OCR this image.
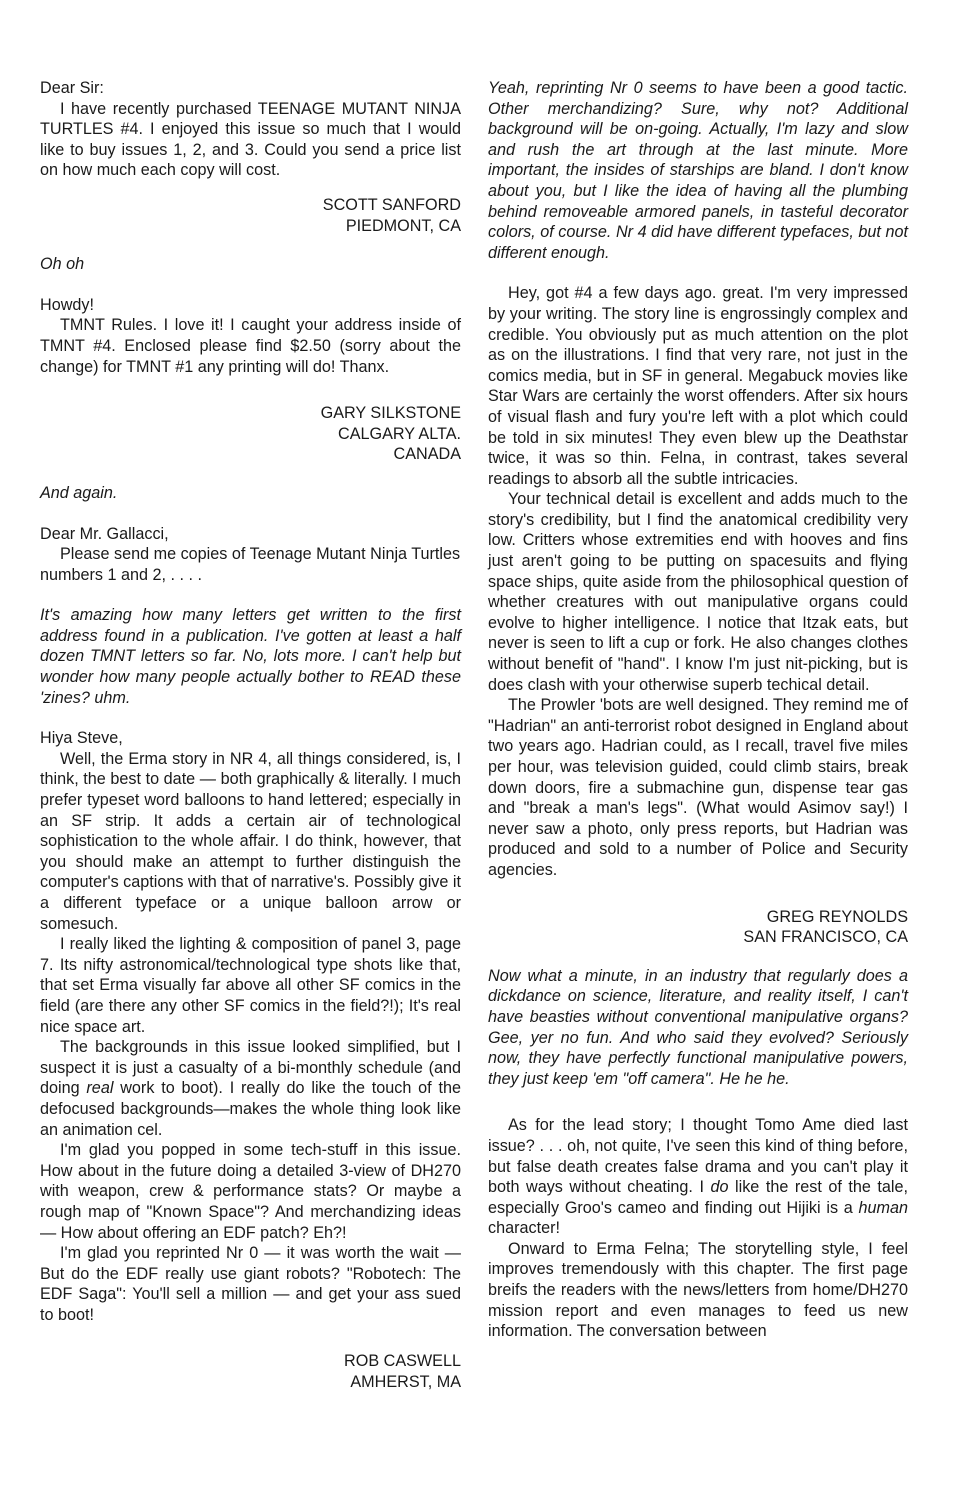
Dear Sir:

I have recently purchased TEENAGE MUTANT NINJA TURTLES #4. I enjoyed this issue so much that I would like to buy issues 1, 2, and 3. Could you send a price list on how much each copy will cost.

SCOTT SANFORD
PIEDMONT, CA

Oh oh

Howdy!

TMNT Rules. I love it! I caught your address inside of TMNT #4. Enclosed please find $2.50 (sorry about the change) for TMNT #1 any printing will do! Thanx.

GARY SILKSTONE
CALGARY ALTA.
CANADA

And again.

Dear Mr. Gallacci,

Please send me copies of Teenage Mutant Ninja Turtles numbers 1 and 2, . . . .

It's amazing how many letters get written to the first address found in a publication. I've gotten at least a half dozen TMNT letters so far. No, lots more. I can't help but wonder how many people actually bother to READ these 'zines? uhm.

Hiya Steve,

Well, the Erma story in NR 4, all things considered, is, I think, the best to date — both graphically & literally. I much prefer typeset word balloons to hand lettered; especially in an SF strip. It adds a certain air of technological sophistication to the whole affair. I do think, however, that you should make an attempt to further distinguish the computer's captions with that of narrative's. Possibly give it a different typeface or a unique balloon arrow or somesuch.

I really liked the lighting & composition of panel 3, page 7. Its nifty astronomical/technological type shots like that, that set Erma visually far above all other SF comics in the field (are there any other SF comics in the field?!); It's real nice space art.

The backgrounds in this issue looked simplified, but I suspect it is just a casualty of a bi-monthly schedule (and doing real work to boot). I really do like the touch of the defocused backgrounds—makes the whole thing look like an animation cel.

I'm glad you popped in some tech-stuff in this issue. How about in the future doing a detailed 3-view of DH270 with weapon, crew & performance stats? Or maybe a rough map of "Known Space"? And merchandizing ideas — How about offering an EDF patch? Eh?!

I'm glad you reprinted Nr 0 — it was worth the wait — But do the EDF really use giant robots? "Robotech: The EDF Saga": You'll sell a million — and get your ass sued to boot!

ROB CASWELL
AMHERST, MA

Yeah, reprinting Nr 0 seems to have been a good tactic. Other merchandizing? Sure, why not? Additional background will be on-going. Actually, I'm lazy and slow and rush the art through at the last minute. More important, the insides of starships are bland. I don't know about you, but I like the idea of having all the plumbing behind removeable armored panels, in tasteful decorator colors, of course. Nr 4 did have different typefaces, but not different enough.

Hey, got #4 a few days ago. great. I'm very impressed by your writing. The story line is engrossingly complex and credible. You obviously put as much attention on the plot as on the illustrations. I find that very rare, not just in the comics media, but in SF in general. Megabuck movies like Star Wars are certainly the worst offenders. After six hours of visual flash and fury you're left with a plot which could be told in six minutes! They even blew up the Deathstar twice, it was so thin. Felna, in contrast, takes several readings to absorb all the subtle intricacies.

Your technical detail is excellent and adds much to the story's credibility, but I find the anatomical credibility very low. Critters whose extremities end with hooves and fins just aren't going to be putting on spacesuits and flying space ships, quite aside from the philosophical question of whether creatures with out manipulative organs could evolve to higher intelligence. I notice that Itzak eats, but never is seen to lift a cup or fork. He also changes clothes without benefit of "hand". I know I'm just nit-picking, but is does clash with your otherwise superb techical detail.

The Prowler 'bots are well designed. They remind me of "Hadrian" an anti-terrorist robot designed in England about two years ago. Hadrian could, as I recall, travel five miles per hour, was television guided, could climb stairs, break down doors, fire a submachine gun, dispense tear gas and "break a man's legs". (What would Asimov say!) I never saw a photo, only press reports, but Hadrian was produced and sold to a number of Police and Security agencies.

GREG REYNOLDS
SAN FRANCISCO, CA

Now what a minute, in an industry that regularly does a dickdance on science, literature, and reality itself, I can't have beasties without conventional manipulative organs? Gee, yer no fun. And who said they evolved? Seriously now, they have perfectly functional manipulative powers, they just keep 'em "off camera". He he he.

As for the lead story; I thought Tomo Ame died last issue? . . . oh, not quite, I've seen this kind of thing before, but false death creates false drama and you can't play it both ways without cheating. I do like the rest of the tale, especially Groo's cameo and finding out Hijiki is a human character!

Onward to Erma Felna; The storytelling style, I feel improves tremendously with this chapter. The first page breifs the readers with the news/letters from home/DH270 mission report and even manages to feed us new information. The conversation between
